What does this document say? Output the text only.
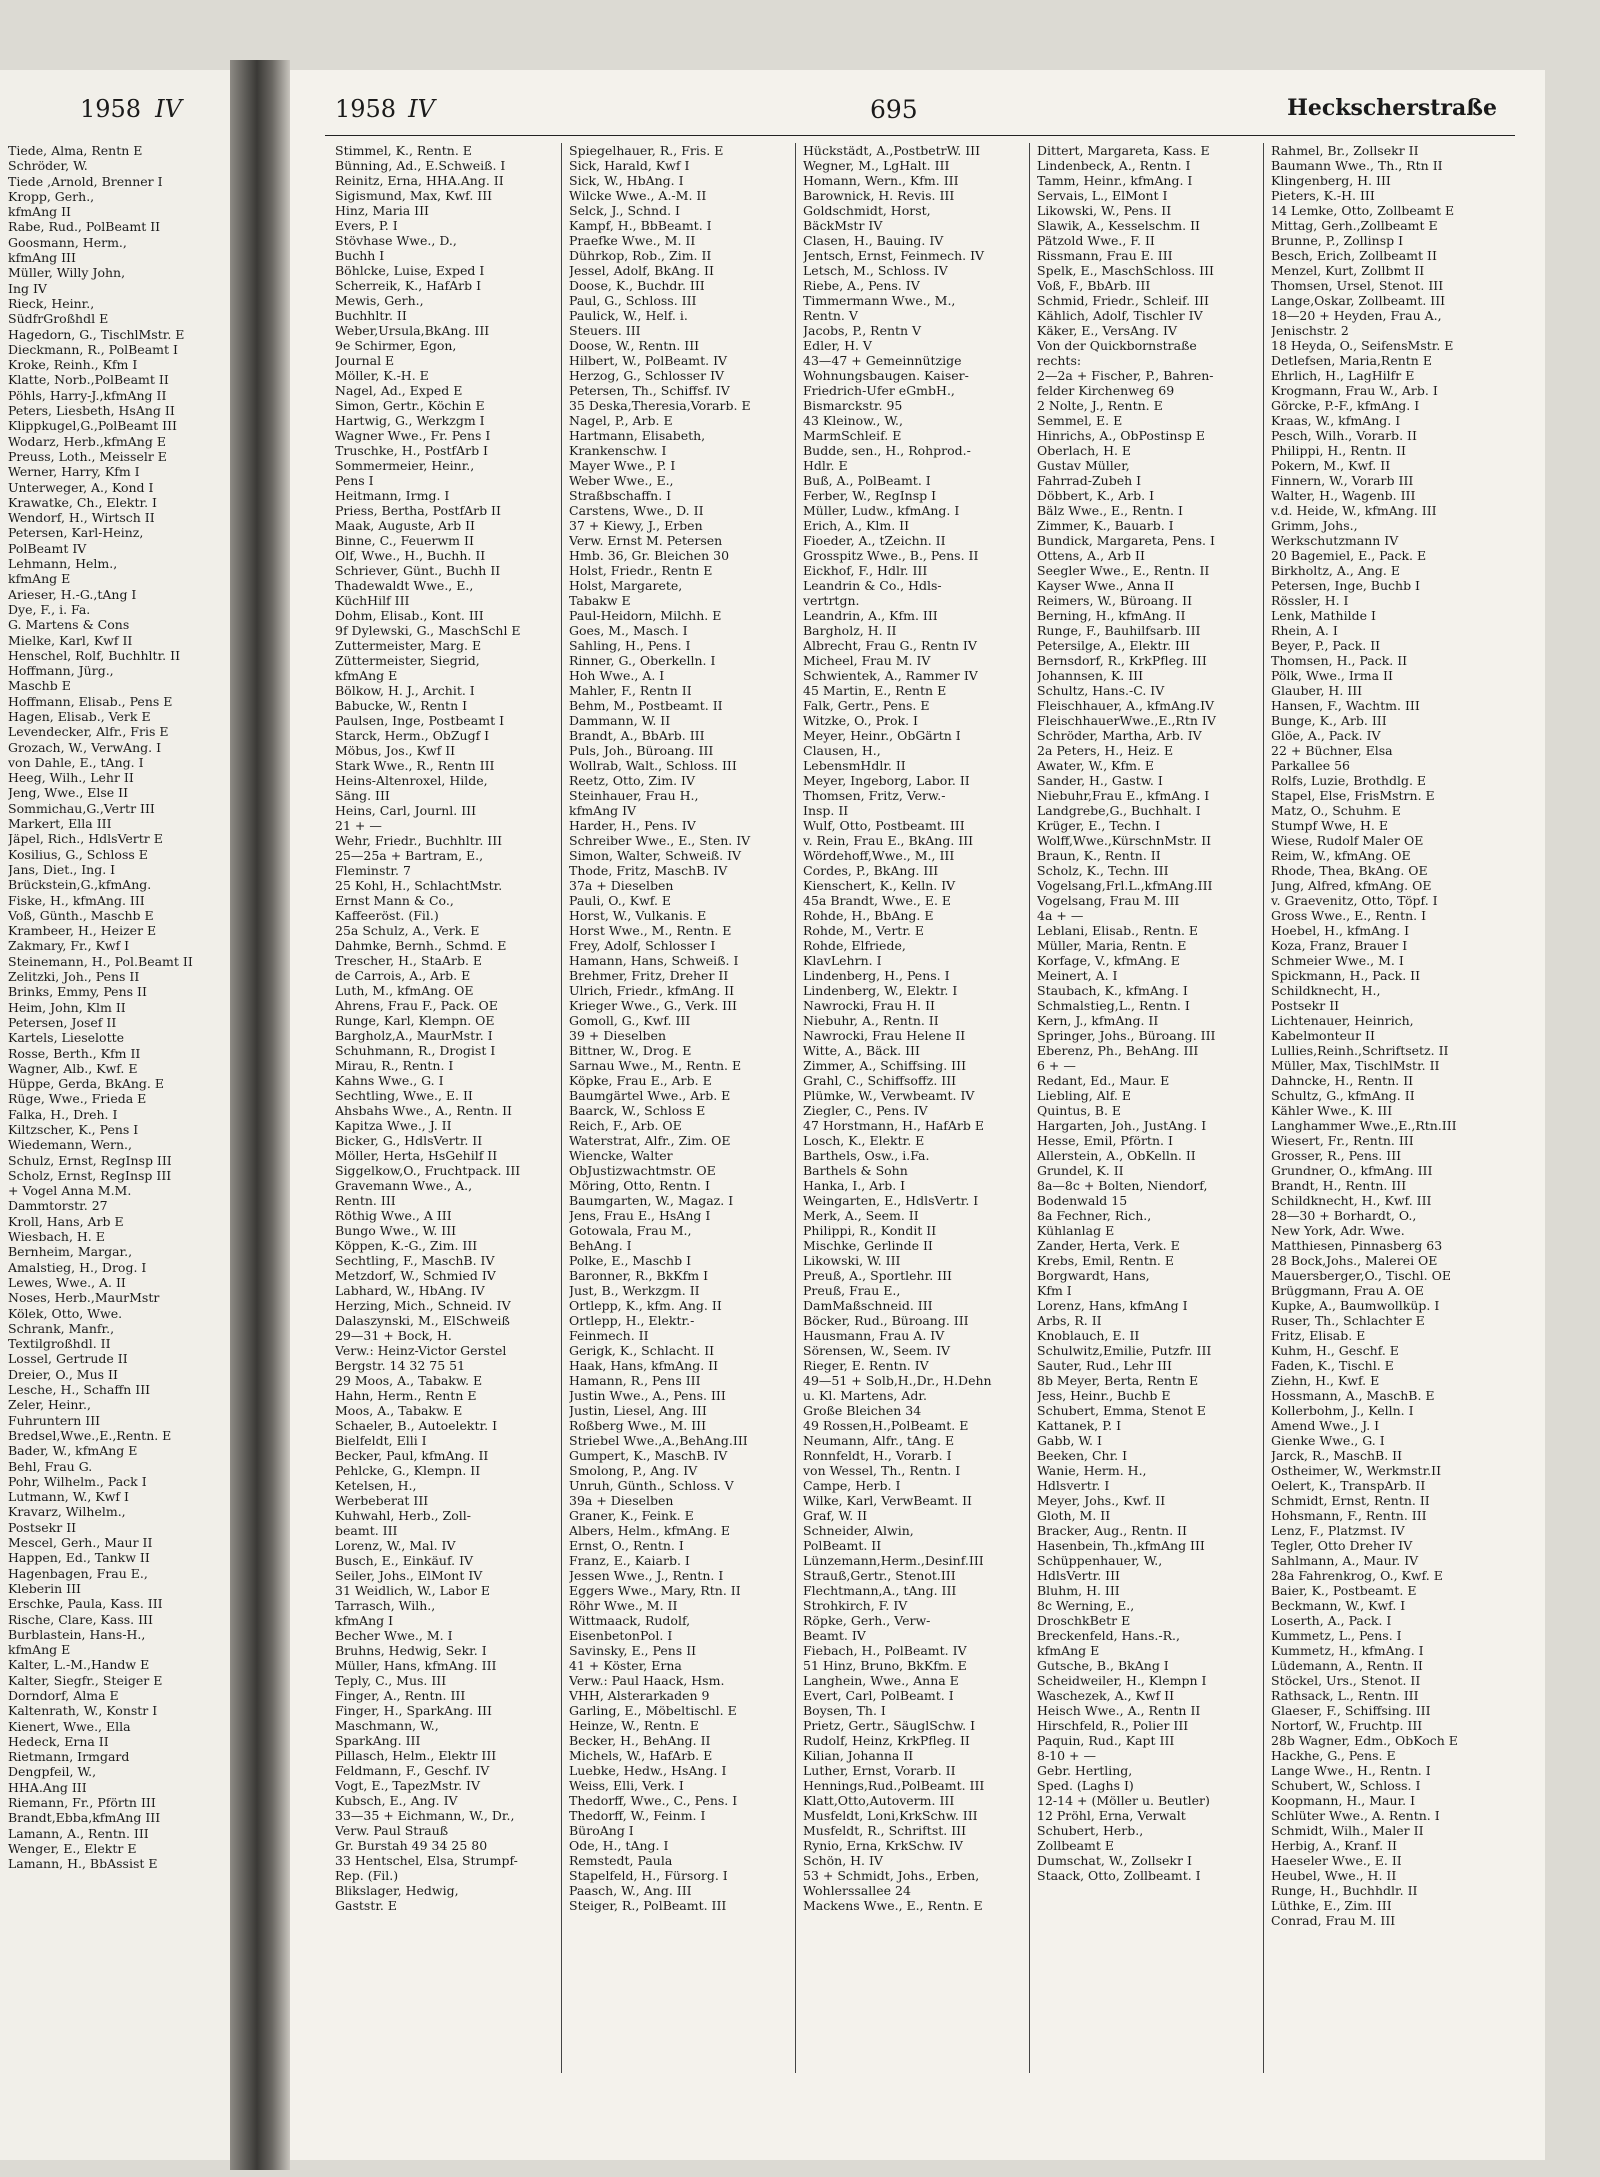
1958 IV
Tiede, Alma, Rentn E
Schröder, W.
Tiede ,Arnold, Brenner I
Kropp, Gerh.,
kfmAng II
Rabe, Rud., PolBeamt II
Goosmann, Herm.,
kfmAng III
Müller, Willy John,
Ing IV
Rieck, Heinr.,
SüdfrGroßhdl E
Hagedorn, G., TischlMstr. E
Dieckmann, R., PolBeamt I
Kroke, Reinh., Kfm I
Klatte, Norb.,PolBeamt II
Pöhls, Harry-J.,kfmAng II
Peters, Liesbeth, HsAng II
Klippkugel,G.,PolBeamt III
Wodarz, Herb.,kfmAng E
Preuss, Loth., Meisselr E
Werner, Harry, Kfm I
Unterweger, A., Kond I
Krawatke, Ch., Elektr. I
Wendorf, H., Wirtsch II
Petersen, Karl-Heinz,
PolBeamt IV
Lehmann, Helm.,
kfmAng E
Arieser, H.-G.,tAng I
Dye, F., i. Fa.
G. Martens & Cons
Mielke, Karl, Kwf II
Henschel, Rolf, Buchhltr. II
Hoffmann, Jürg.,
Maschb E
Hoffmann, Elisab., Pens E
Hagen, Elisab., Verk E
Levendecker, Alfr., Fris E
Grozach, W., VerwAng. I
von Dahle, E., tAng. I
Heeg, Wilh., Lehr II
Jeng, Wwe., Else II
Sommichau,G.,Vertr III
Markert, Ella III
Jäpel, Rich., HdlsVertr E
Kosilius, G., Schloss E
Jans, Diet., Ing. I
Brückstein,G.,kfmAng.
Fiske, H., kfmAng. III
Voß, Günth., Maschb E
Krambeer, H., Heizer E
Zakmary, Fr., Kwf I
Steinemann, H., Pol.Beamt II
Zelitzki, Joh., Pens II
Brinks, Emmy, Pens II
Heim, John, Klm II
Petersen, Josef II
Kartels, Lieselotte
Rosse, Berth., Kfm II
Wagner, Alb., Kwf. E
Hüppe, Gerda, BkAng. E
Rüge, Wwe., Frieda E
Falka, H., Dreh. I
Kiltzscher, K., Pens I
Wiedemann, Wern.,
Schulz, Ernst, RegInsp III
Scholz, Ernst, RegInsp III
+ Vogel Anna M.M.
Dammtorstr. 27
Kroll, Hans, Arb E
Wiesbach, H. E
Bernheim, Margar.,
Amalstieg, H., Drog. I
Lewes, Wwe., A. II
Noses, Herb.,MaurMstr
Kölek, Otto, Wwe.
Schrank, Manfr.,
Textilgroßhdl. II
Lossel, Gertrude II
Dreier, O., Mus II
Lesche, H., Schaffn III
Zeler, Heinr.,
Fuhruntern III
Bredsel,Wwe.,E.,Rentn. E
Bader, W., kfmAng E
Behl, Frau G.
Pohr, Wilhelm., Pack I
Lutmann, W., Kwf I
Kravarz, Wilhelm.,
Postsekr II
Mescel, Gerh., Maur II
Happen, Ed., Tankw II
Hagenbagen, Frau E.,
Kleberin III
Erschke, Paula, Kass. III
Rische, Clare, Kass. III
Burblastein, Hans-H.,
kfmAng E
Kalter, L.-M.,Handw E
Kalter, Siegfr., Steiger E
Dorndorf, Alma E
Kaltenrath, W., Konstr I
Kienert, Wwe., Ella
Hedeck, Erna II
Rietmann, Irmgard
Dengpfeil, W.,
HHA.Ang III
Riemann, Fr., Pförtn III
Brandt,Ebba,kfmAng III
Lamann, A., Rentn. III
Wenger, E., Elektr E
Lamann, H., BbAssist E
1958 IV	695	Heckscherstraße
Stimmel, K., Rentn. E
Bünning, Ad., E.Schweiß. I
Reinitz, Erna, HHA.Ang. II
Sigismund, Max, Kwf. III
Hinz, Maria III
Evers, P. I
Stövhase Wwe., D.,
Buchh I
Böhlcke, Luise, Exped I
Scherreik, K., HafArb I
Mewis, Gerh.,
Buchhltr. II
Weber,Ursula,BkAng. III
9e Schirmer, Egon,
Journal E
Möller, K.-H. E
Nagel, Ad., Exped E
Simon, Gertr., Köchin E
Hartwig, G., Werkzgm I
Wagner Wwe., Fr. Pens I
Truschke, H., PostfArb I
Sommermeier, Heinr.,
Pens I
Heitmann, Irmg. I
Priess, Bertha, PostfArb II
Maak, Auguste, Arb II
Binne, C., Feuerwm II
Olf, Wwe., H., Buchh. II
Schriever, Günt., Buchh II
Thadewaldt Wwe., E.,
KüchHilf III
Dohm, Elisab., Kont. III
9f Dylewski, G., MaschSchl E
Zuttermeister, Marg. E
Züttermeister, Siegrid,
kfmAng E
Bölkow, H. J., Archit. I
Babucke, W., Rentn I
Paulsen, Inge, Postbeamt I
Starck, Herm., ObZugf I
Möbus, Jos., Kwf II
Stark Wwe., R., Rentn III
Heins-Altenroxel, Hilde,
Säng. III
Heins, Carl, Journl. III
21 + —
Wehr, Friedr., Buchhltr. III
25—25a + Bartram, E.,
Fleminstr. 7
25 Kohl, H., SchlachtMstr.
Ernst Mann & Co.,
Kaffeeröst. (Fil.)
25a Schulz, A., Verk. E
Dahmke, Bernh., Schmd. E
Trescher, H., StaArb. E
de Carrois, A., Arb. E
Luth, M., kfmAng. OE
Ahrens, Frau F., Pack. OE
Runge, Karl, Klempn. OE
Bargholz,A., MaurMstr. I
Schuhmann, R., Drogist I
Mirau, R., Rentn. I
Kahns Wwe., G. I
Sechtling, Wwe., E. II
Ahsbahs Wwe., A., Rentn. II
Kapitza Wwe., J. II
Bicker, G., HdlsVertr. II
Möller, Herta, HsGehilf II
Siggelkow,O., Fruchtpack. III
Gravemann Wwe., A.,
Rentn. III
Röthig Wwe., A III
Bungo Wwe., W. III
Köppen, K.-G., Zim. III
Sechtling, F., MaschB. IV
Metzdorf, W., Schmied IV
Labhard, W., HbAng. IV
Herzing, Mich., Schneid. IV
Dalaszynski, M., ElSchweiß
29—31 + Bock, H.
Verw.: Heinz-Victor Gerstel
Bergstr. 14 32 75 51
29 Moos, A., Tabakw. E
Hahn, Herm., Rentn E
Moos, A., Tabakw. E
Schaeler, B., Autoelektr. I
Bielfeldt, Elli I
Becker, Paul, kfmAng. II
Pehlcke, G., Klempn. II
Ketelsen, H.,
Werbeberat III
Kuhwahl, Herb., Zoll-
beamt. III
Lorenz, W., Mal. IV
Busch, E., Einkäuf. IV
Seiler, Johs., ElMont IV
31 Weidlich, W., Labor E
Tarrasch, Wilh.,
kfmAng I
Becher Wwe., M. I
Bruhns, Hedwig, Sekr. I
Müller, Hans, kfmAng. III
Teply, C., Mus. III
Finger, A., Rentn. III
Finger, H., SparkAng. III
Maschmann, W.,
SparkAng. III
Pillasch, Helm., Elektr III
Feldmann, F., Geschf. IV
Vogt, E., TapezMstr. IV
Kubsch, E., Ang. IV
33—35 + Eichmann, W., Dr.,
Verw. Paul Strauß
Gr. Burstah 49 34 25 80
33 Hentschel, Elsa, Strumpf-
Rep. (Fil.)
Blikslager, Hedwig,
Gaststr. E
Spiegelhauer, R., Fris. E
Sick, Harald, Kwf I
Sick, W., HbAng. I
Wilcke Wwe., A.-M. II
Selck, J., Schnd. I
Kampf, H., BbBeamt. I
Praefke Wwe., M. II
Dührkop, Rob., Zim. II
Jessel, Adolf, BkAng. II
Doose, K., Buchdr. III
Paul, G., Schloss. III
Paulick, W., Helf. i.
Steuers. III
Doose, W., Rentn. III
Hilbert, W., PolBeamt. IV
Herzog, G., Schlosser IV
Petersen, Th., Schiffsf. IV
35 Deska,Theresia,Vorarb. E
Nagel, P., Arb. E
Hartmann, Elisabeth,
Krankenschw. I
Mayer Wwe., P. I
Weber Wwe., E.,
Straßbschaffn. I
Carstens, Wwe., D. II
37 + Kiewy, J., Erben
Verw. Ernst M. Petersen
Hmb. 36, Gr. Bleichen 30
Holst, Friedr., Rentn E
Holst, Margarete,
Tabakw E
Paul-Heidorn, Milchh. E
Goes, M., Masch. I
Sahling, H., Pens. I
Rinner, G., Oberkelln. I
Hoh Wwe., A. I
Mahler, F., Rentn II
Behm, M., Postbeamt. II
Dammann, W. II
Brandt, A., BbArb. III
Puls, Joh., Büroang. III
Wollrab, Walt., Schloss. III
Reetz, Otto, Zim. IV
Steinhauer, Frau H.,
kfmAng IV
Harder, H., Pens. IV
Schreiber Wwe., E., Sten. IV
Simon, Walter, Schweiß. IV
Thode, Fritz, MaschB. IV
37a + Dieselben
Pauli, O., Kwf. E
Horst, W., Vulkanis. E
Horst Wwe., M., Rentn. E
Frey, Adolf, Schlosser I
Hamann, Hans, Schweiß. I
Brehmer, Fritz, Dreher II
Ulrich, Friedr., kfmAng. II
Krieger Wwe., G., Verk. III
Gomoll, G., Kwf. III
39 + Dieselben
Bittner, W., Drog. E
Sarnau Wwe., M., Rentn. E
Köpke, Frau E., Arb. E
Baumgärtel Wwe., Arb. E
Baarck, W., Schloss E
Reich, F., Arb. OE
Waterstrat, Alfr., Zim. OE
Wiencke, Walter
ObJustizwachtmstr. OE
Möring, Otto, Rentn. I
Baumgarten, W., Magaz. I
Jens, Frau E., HsAng I
Gotowala, Frau M.,
BehAng. I
Polke, E., Maschb I
Baronner, R., BkKfm I
Just, B., Werkzgm. II
Ortlepp, K., kfm. Ang. II
Ortlepp, H., Elektr.-
Feinmech. II
Gerigk, K., Schlacht. II
Haak, Hans, kfmAng. II
Hamann, R., Pens III
Justin Wwe., A., Pens. III
Justin, Liesel, Ang. III
Roßberg Wwe., M. III
Striebel Wwe.,A.,BehAng.III
Gumpert, K., MaschB. IV
Smolong, P., Ang. IV
Unruh, Günth., Schloss. V
39a + Dieselben
Graner, K., Feink. E
Albers, Helm., kfmAng. E
Ernst, O., Rentn. I
Franz, E., Kaiarb. I
Jessen Wwe., J., Rentn. I
Eggers Wwe., Mary, Rtn. II
Röhr Wwe., M. II
Wittmaack, Rudolf,
EisenbetonPol. I
Savinsky, E., Pens II
41 + Köster, Erna
Verw.: Paul Haack, Hsm.
VHH, Alsterarkaden 9
Garling, E., Möbeltischl. E
Heinze, W., Rentn. E
Becker, H., BehAng. II
Michels, W., HafArb. E
Luebke, Hedw., HsAng. I
Weiss, Elli, Verk. I
Thedorff, Wwe., C., Pens. I
Thedorff, W., Feinm. I
BüroAng I
Ode, H., tAng. I
Remstedt, Paula
Stapelfeld, H., Fürsorg. I
Paasch, W., Ang. III
Steiger, R., PolBeamt. III
Hückstädt, A.,PostbetrW. III
Wegner, M., LgHalt. III
Homann, Wern., Kfm. III
Barownick, H. Revis. III
Goldschmidt, Horst,
BäckMstr IV
Clasen, H., Bauing. IV
Jentsch, Ernst, Feinmech. IV
Letsch, M., Schloss. IV
Riebe, A., Pens. IV
Timmermann Wwe., M.,
Rentn. V
Jacobs, P., Rentn V
Edler, H. V
43—47 + Gemeinnützige
Wohnungsbaugen. Kaiser-
Friedrich-Ufer eGmbH.,
Bismarckstr. 95
43 Kleinow., W.,
MarmSchleif. E
Budde, sen., H., Rohprod.-
Hdlr. E
Buß, A., PolBeamt. I
Ferber, W., RegInsp I
Müller, Ludw., kfmAng. I
Erich, A., Klm. II
Fioeder, A., tZeichn. II
Grosspitz Wwe., B., Pens. II
Eickhof, F., Hdlr. III
Leandrin & Co., Hdls-
vertrtgn.
Leandrin, A., Kfm. III
Bargholz, H. II
Albrecht, Frau G., Rentn IV
Micheel, Frau M. IV
Schwientek, A., Rammer IV
45 Martin, E., Rentn E
Falk, Gertr., Pens. E
Witzke, O., Prok. I
Meyer, Heinr., ObGärtn I
Clausen, H.,
LebensmHdlr. II
Meyer, Ingeborg, Labor. II
Thomsen, Fritz, Verw.-
Insp. II
Wulf, Otto, Postbeamt. III
v. Rein, Frau E., BkAng. III
Wördehoff,Wwe., M., III
Cordes, P., BkAng. III
Kienschert, K., Kelln. IV
45a Brandt, Wwe., E. E
Rohde, H., BbAng. E
Rohde, M., Vertr. E
Rohde, Elfriede,
KlavLehrn. I
Lindenberg, H., Pens. I
Lindenberg, W., Elektr. I
Nawrocki, Frau H. II
Niebuhr, A., Rentn. II
Nawrocki, Frau Helene II
Witte, A., Bäck. III
Zimmer, A., Schiffsing. III
Grahl, C., Schiffsoffz. III
Plümke, W., Verwbeamt. IV
Ziegler, C., Pens. IV
47 Horstmann, H., HafArb E
Losch, K., Elektr. E
Barthels, Osw., i.Fa.
Barthels & Sohn
Hanka, I., Arb. I
Weingarten, E., HdlsVertr. I
Merk, A., Seem. II
Philippi, R., Kondit II
Mischke, Gerlinde II
Likowski, W. III
Preuß, A., Sportlehr. III
Preuß, Frau E.,
DamMaßschneid. III
Böcker, Rud., Büroang. III
Hausmann, Frau A. IV
Sörensen, W., Seem. IV
Rieger, E. Rentn. IV
49—51 + Solb,H.,Dr., H.Dehn
u. Kl. Martens, Adr.
Große Bleichen 34
49 Rossen,H.,PolBeamt. E
Neumann, Alfr., tAng. E
Ronnfeldt, H., Vorarb. I
von Wessel, Th., Rentn. I
Campe, Herb. I
Wilke, Karl, VerwBeamt. II
Graf, W. II
Schneider, Alwin,
PolBeamt. II
Lünzemann,Herm.,Desinf.III
Strauß,Gertr., Stenot.III
Flechtmann,A., tAng. III
Strohkirch, F. IV
Röpke, Gerh., Verw-
Beamt. IV
Fiebach, H., PolBeamt. IV
51 Hinz, Bruno, BkKfm. E
Langhein, Wwe., Anna E
Evert, Carl, PolBeamt. I
Boysen, Th. I
Prietz, Gertr., SäuglSchw. I
Rudolf, Heinz, KrkPfleg. II
Kilian, Johanna II
Luther, Ernst, Vorarb. II
Hennings,Rud.,PolBeamt. III
Klatt,Otto,Autoverm. III
Musfeldt, Loni,KrkSchw. III
Musfeldt, R., Schriftst. III
Rynio, Erna, KrkSchw. IV
Schön, H. IV
53 + Schmidt, Johs., Erben,
Wohlerssallee 24
Mackens Wwe., E., Rentn. E
Dittert, Margareta, Kass. E
Lindenbeck, A., Rentn. I
Tamm, Heinr., kfmAng. I
Servais, L., ElMont I
Likowski, W., Pens. II
Slawik, A., Kesselschm. II
Pätzold Wwe., F. II
Rissmann, Frau E. III
Spelk, E., MaschSchloss. III
Voß, F., BbArb. III
Schmid, Friedr., Schleif. III
Kählich, Adolf, Tischler IV
Käker, E., VersAng. IV
Von der Quickbornstraße
rechts:
2—2a + Fischer, P., Bahren-
felder Kirchenweg 69
2 Nolte, J., Rentn. E
Semmel, E. E
Hinrichs, A., ObPostinsp E
Oberlach, H. E
Gustav Müller,
Fahrrad-Zubeh I
Döbbert, K., Arb. I
Bälz Wwe., E., Rentn. I
Zimmer, K., Bauarb. I
Bundick, Margareta, Pens. I
Ottens, A., Arb II
Seegler Wwe., E., Rentn. II
Kayser Wwe., Anna II
Reimers, W., Büroang. II
Berning, H., kfmAng. II
Runge, F., Bauhilfsarb. III
Petersilge, A., Elektr. III
Bernsdorf, R., KrkPfleg. III
Johannsen, K. III
Schultz, Hans.-C. IV
Fleischhauer, A., kfmAng.IV
FleischhauerWwe.,E.,Rtn IV
Schröder, Martha, Arb. IV
2a Peters, H., Heiz. E
Awater, W., Kfm. E
Sander, H., Gastw. I
Niebuhr,Frau E., kfmAng. I
Landgrebe,G., Buchhalt. I
Krüger, E., Techn. I
Wolff,Wwe.,KürschnMstr. II
Braun, K., Rentn. II
Scholz, K., Techn. III
Vogelsang,Frl.L.,kfmAng.III
Vogelsang, Frau M. III
4a + —
Leblani, Elisab., Rentn. E
Müller, Maria, Rentn. E
Korfage, V., kfmAng. E
Meinert, A. I
Staubach, K., kfmAng. I
Schmalstieg,L., Rentn. I
Kern, J., kfmAng. II
Springer, Johs., Büroang. III
Eberenz, Ph., BehAng. III
6 + —
Redant, Ed., Maur. E
Liebling, Alf. E
Quintus, B. E
Hargarten, Joh., JustAng. I
Hesse, Emil, Pförtn. I
Allerstein, A., ObKelln. II
Grundel, K. II
8a—8c + Bolten, Niendorf,
Bodenwald 15
8a Fechner, Rich.,
Kühlanlag E
Zander, Herta, Verk. E
Krebs, Emil, Rentn. E
Borgwardt, Hans,
Kfm I
Lorenz, Hans, kfmAng I
Arbs, R. II
Knoblauch, E. II
Schulwitz,Emilie, Putzfr. III
Sauter, Rud., Lehr III
8b Meyer, Berta, Rentn E
Jess, Heinr., Buchb E
Schubert, Emma, Stenot E
Kattanek, P. I
Gabb, W. I
Beeken, Chr. I
Wanie, Herm. H.,
Hdlsvertr. I
Meyer, Johs., Kwf. II
Gloth, M. II
Bracker, Aug., Rentn. II
Hasenbein, Th.,kfmAng III
Schüppenhauer, W.,
HdlsVertr. III
Bluhm, H. III
8c Werning, E.,
DroschkBetr E
Breckenfeld, Hans.-R.,
kfmAng E
Gutsche, B., BkAng I
Scheidweiler, H., Klempn I
Waschezek, A., Kwf II
Heisch Wwe., A., Rentn II
Hirschfeld, R., Polier III
Paquin, Rud., Kapt III
8-10 + —
Gebr. Hertling,
Sped. (Laghs I)
12-14 + (Möller u. Beutler)
12 Pröhl, Erna, Verwalt
Schubert, Herb.,
Zollbeamt E
Dumschat, W., Zollsekr I
Staack, Otto, Zollbeamt. I
Rahmel, Br., Zollsekr II
Baumann Wwe., Th., Rtn II
Klingenberg, H. III
Pieters, K.-H. III
14 Lemke, Otto, Zollbeamt E
Mittag, Gerh.,Zollbeamt E
Brunne, P., Zollinsp I
Besch, Erich, Zollbeamt II
Menzel, Kurt, Zollbmt II
Thomsen, Ursel, Stenot. III
Lange,Oskar, Zollbeamt. III
18—20 + Heyden, Frau A.,
Jenischstr. 2
18 Heyda, O., SeifensMstr. E
Detlefsen, Maria,Rentn E
Ehrlich, H., LagHilfr E
Krogmann, Frau W., Arb. I
Görcke, P.-F., kfmAng. I
Kraas, W., kfmAng. I
Pesch, Wilh., Vorarb. II
Philippi, H., Rentn. II
Pokern, M., Kwf. II
Finnern, W., Vorarb III
Walter, H., Wagenb. III
v.d. Heide, W., kfmAng. III
Grimm, Johs.,
Werkschutzmann IV
20 Bagemiel, E., Pack. E
Birkholtz, A., Ang. E
Petersen, Inge, Buchb I
Rössler, H. I
Lenk, Mathilde I
Rhein, A. I
Beyer, P., Pack. II
Thomsen, H., Pack. II
Pölk, Wwe., Irma II
Glauber, H. III
Hansen, F., Wachtm. III
Bunge, K., Arb. III
Glöe, A., Pack. IV
22 + Büchner, Elsa
Parkallee 56
Rolfs, Luzie, Brothdlg. E
Stapel, Else, FrisMstrn. E
Matz, O., Schuhm. E
Stumpf Wwe, H. E
Wiese, Rudolf Maler OE
Reim, W., kfmAng. OE
Rhode, Thea, BkAng. OE
Jung, Alfred, kfmAng. OE
v. Graevenitz, Otto, Töpf. I
Gross Wwe., E., Rentn. I
Hoebel, H., kfmAng. I
Koza, Franz, Brauer I
Schmeier Wwe., M. I
Spickmann, H., Pack. II
Schildknecht, H.,
Postsekr II
Lichtenauer, Heinrich,
Kabelmonteur II
Lullies,Reinh.,Schriftsetz. II
Müller, Max, TischlMstr. II
Dahncke, H., Rentn. II
Schultz, G., kfmAng. II
Kähler Wwe., K. III
Langhammer Wwe.,E.,Rtn.III
Wiesert, Fr., Rentn. III
Grosser, R., Pens. III
Grundner, O., kfmAng. III
Brandt, H., Rentn. III
Schildknecht, H., Kwf. III
28—30 + Borhardt, O.,
New York, Adr. Wwe.
Matthiesen, Pinnasberg 63
28 Bock,Johs., Malerei OE
Mauersberger,O., Tischl. OE
Brüggmann, Frau A. OE
Kupke, A., Baumwollküp. I
Ruser, Th., Schlachter E
Fritz, Elisab. E
Kuhm, H., Geschf. E
Faden, K., Tischl. E
Ziehn, H., Kwf. E
Hossmann, A., MaschB. E
Kollerbohm, J., Kelln. I
Amend Wwe., J. I
Gienke Wwe., G. I
Jarck, R., MaschB. II
Ostheimer, W., Werkmstr.II
Oelert, K., TranspArb. II
Schmidt, Ernst, Rentn. II
Hohsmann, F., Rentn. III
Lenz, F., Platzmst. IV
Tegler, Otto Dreher IV
Sahlmann, A., Maur. IV
28a Fahrenkrog, O., Kwf. E
Baier, K., Postbeamt. E
Beckmann, W., Kwf. I
Loserth, A., Pack. I
Kummetz, L., Pens. I
Kummetz, H., kfmAng. I
Lüdemann, A., Rentn. II
Stöckel, Urs., Stenot. II
Rathsack, L., Rentn. III
Glaeser, F., Schiffsing. III
Nortorf, W., Fruchtp. III
28b Wagner, Edm., ObKoch E
Hackhe, G., Pens. E
Lange Wwe., H., Rentn. I
Schubert, W., Schloss. I
Koopmann, H., Maur. I
Schlüter Wwe., A. Rentn. I
Schmidt, Wilh., Maler II
Herbig, A., Kranf. II
Haeseler Wwe., E. II
Heubel, Wwe., H. II
Runge, H., Buchhdlr. II
Lüthke, E., Zim. III
Conrad, Frau M. III
